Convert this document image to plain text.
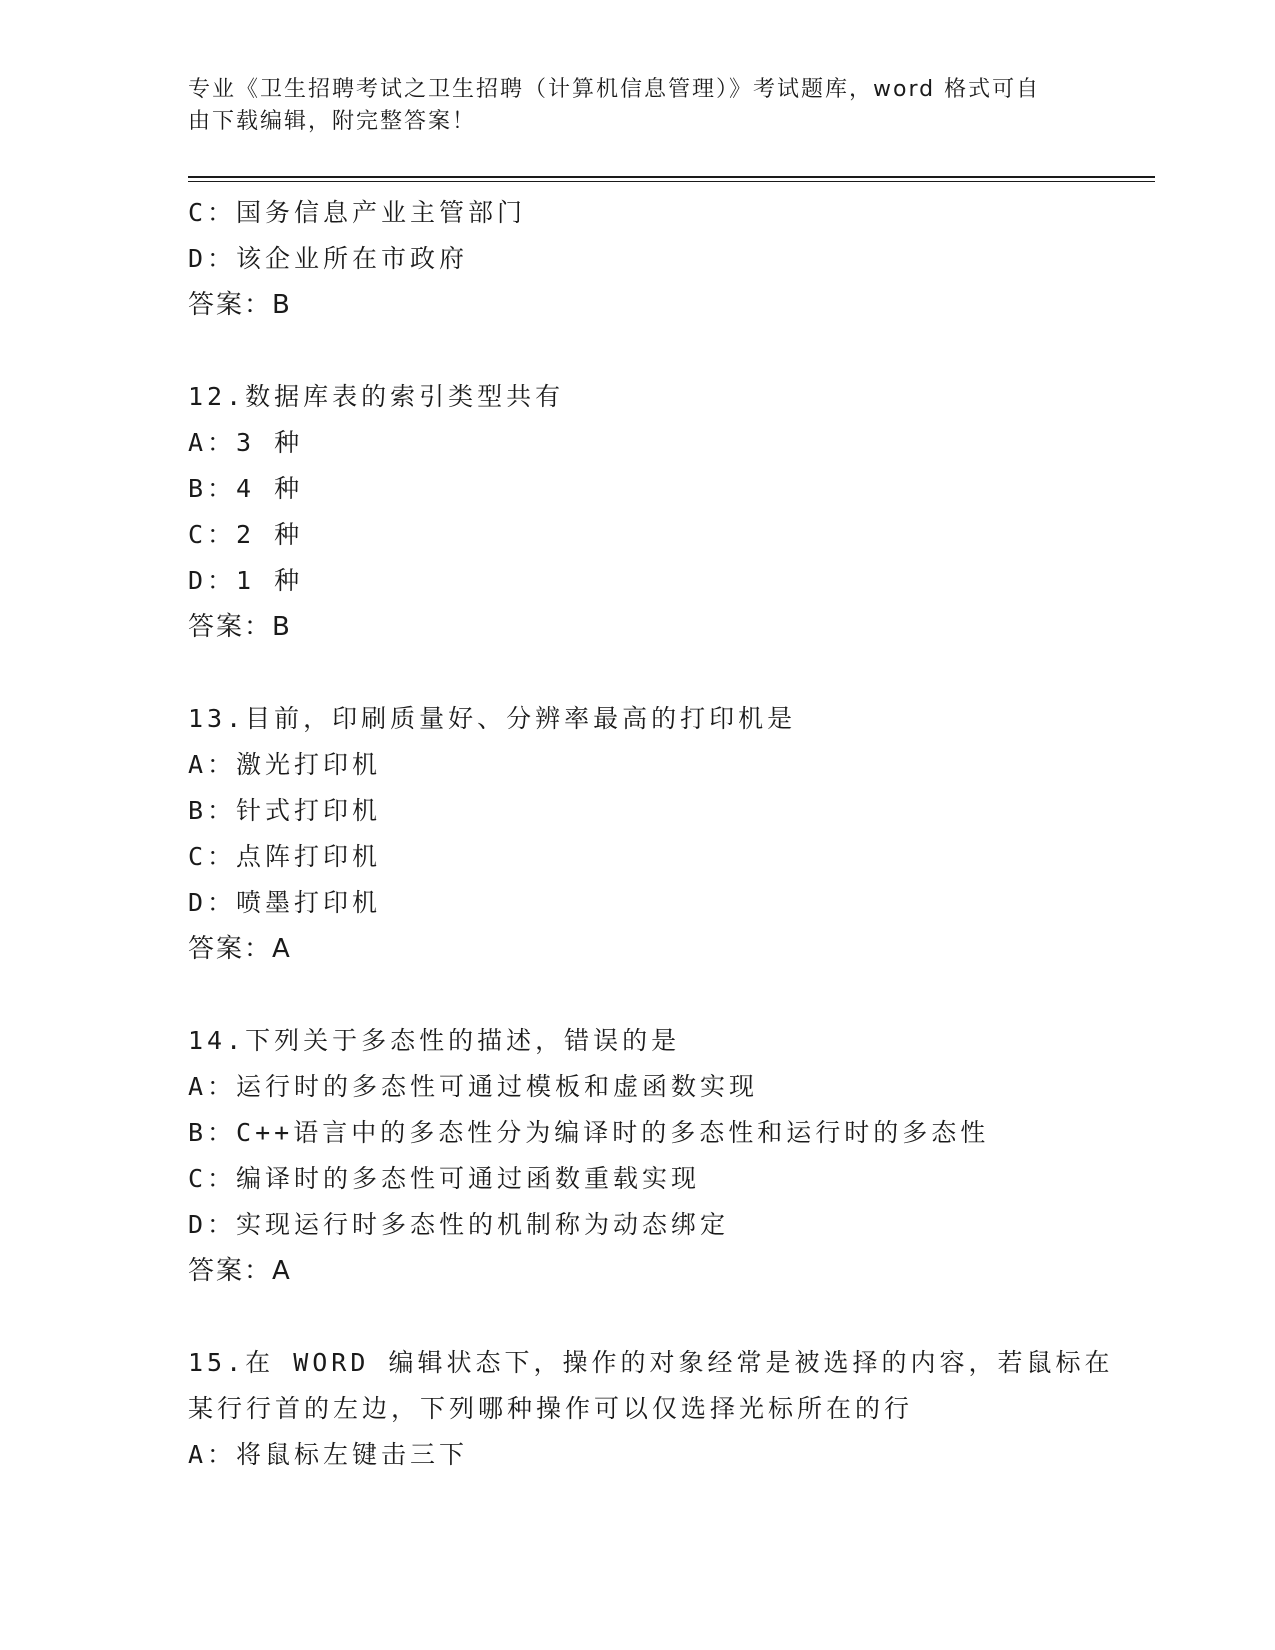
专业《卫生招聘考试之卫生招聘（计算机信息管理）》考试题库，word 格式可自
由下载编辑，附完整答案！
C：国务信息产业主管部门
D：该企业所在市政府
答案：B
12.数据库表的索引类型共有
A：3 种
B：4 种
C：2 种
D：1 种
答案：B
13.目前，印刷质量好、分辨率最高的打印机是
A：激光打印机
B：针式打印机
C：点阵打印机
D：喷墨打印机
答案：A
14.下列关于多态性的描述，错误的是
A：运行时的多态性可通过模板和虚函数实现
B：C++语言中的多态性分为编译时的多态性和运行时的多态性
C：编译时的多态性可通过函数重载实现
D：实现运行时多态性的机制称为动态绑定
答案：A
15.在 WORD 编辑状态下，操作的对象经常是被选择的内容，若鼠标在
某行行首的左边，下列哪种操作可以仅选择光标所在的行
A：将鼠标左键击三下
